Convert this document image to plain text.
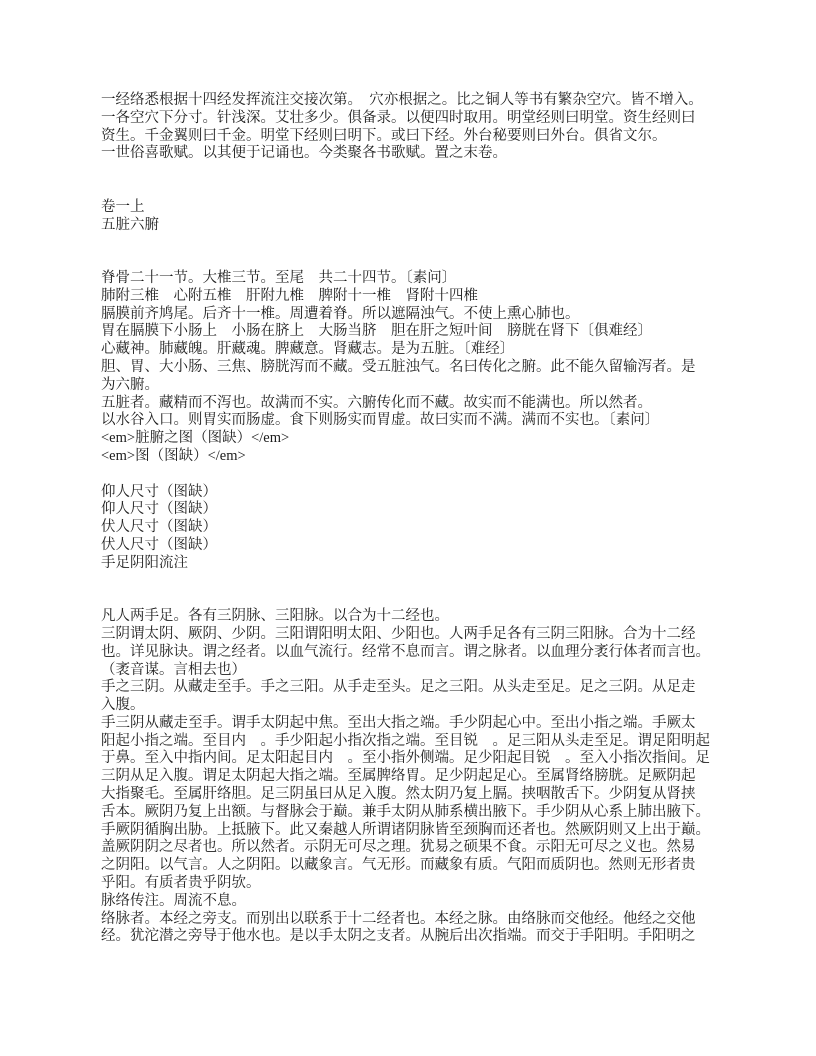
一经络悉根据十四经发挥流注交接次第。　穴亦根据之。比之铜人等书有繁杂空穴。皆不增入。
一各空穴下分寸。针浅深。艾壮多少。俱备录。以便四时取用。明堂经则曰明堂。资生经则曰
资生。千金翼则曰千金。明堂下经则曰明下。或曰下经。外台秘要则曰外台。俱省文尔。
一世俗喜歌赋。以其便于记诵也。今类聚各书歌赋。置之末卷。
卷一上
五脏六腑
脊骨二十一节。大椎三节。至尾　共二十四节。〔素问〕
肺附三椎　心附五椎　肝附九椎　脾附十一椎　肾附十四椎
膈膜前齐鸠尾。后齐十一椎。周遭着脊。所以遮隔浊气。不使上熏心肺也。
胃在膈膜下小肠上　小肠在脐上　大肠当脐　胆在肝之短叶间　膀胱在肾下〔俱难经〕
心藏神。肺藏魄。肝藏魂。脾藏意。肾藏志。是为五脏。〔难经〕
胆、胃、大小肠、三焦、膀胱泻而不藏。受五脏浊气。名曰传化之腑。此不能久留输泻者。是
为六腑。
五脏者。藏精而不泻也。故满而不实。六腑传化而不藏。故实而不能满也。所以然者。
以水谷入口。则胃实而肠虚。食下则肠实而胃虚。故曰实而不满。满而不实也。〔素问〕
<em>脏腑之图（图缺）</em>
<em>图（图缺）</em>
仰人尺寸（图缺）
仰人尺寸（图缺）
伏人尺寸（图缺）
伏人尺寸（图缺）
手足阴阳流注
凡人两手足。各有三阴脉、三阳脉。以合为十二经也。
三阴谓太阴、厥阴、少阴。三阳谓阳明太阳、少阳也。人两手足各有三阴三阳脉。合为十二经
也。详见脉诀。谓之经者。以血气流行。经常不息而言。谓之脉者。以血理分袤行体者而言也。
（袤音谋。言相去也）
手之三阴。从藏走至手。手之三阳。从手走至头。足之三阳。从头走至足。足之三阴。从足走
入腹。
手三阴从藏走至手。谓手太阴起中焦。至出大指之端。手少阴起心中。至出小指之端。手厥太
阳起小指之端。至目内　。手少阳起小指次指之端。至目锐　。足三阳从头走至足。谓足阳明起
于鼻。至入中指内间。足太阳起目内　。至小指外侧端。足少阳起目锐　。至入小指次指间。足
三阴从足入腹。谓足太阴起大指之端。至属脾络胃。足少阴起足心。至属肾络膀胱。足厥阴起
大指聚毛。至属肝络胆。足三阴虽曰从足入腹。然太阴乃复上膈。挟咽散舌下。少阴复从肾挟
舌本。厥阴乃复上出额。与督脉会于巅。兼手太阴从肺系横出腋下。手少阴从心系上肺出腋下。
手厥阴循胸出胁。上抵腋下。此又秦越人所谓诸阴脉皆至颈胸而还者也。然厥阴则又上出于巅。
盖厥阴阴之尽者也。所以然者。示阴无可尽之理。犹易之硕果不食。示阳无可尽之义也。然易
之阴阳。以气言。人之阴阳。以藏象言。气无形。而藏象有质。气阳而质阴也。然则无形者贵
乎阳。有质者贵乎阴欤。
脉络传注。周流不息。
络脉者。本经之旁支。而别出以联系于十二经者也。本经之脉。由络脉而交他经。他经之交他
经。犹沱潜之旁导于他水也。是以手太阴之支者。从腕后出次指端。而交于手阳明。手阳明之
